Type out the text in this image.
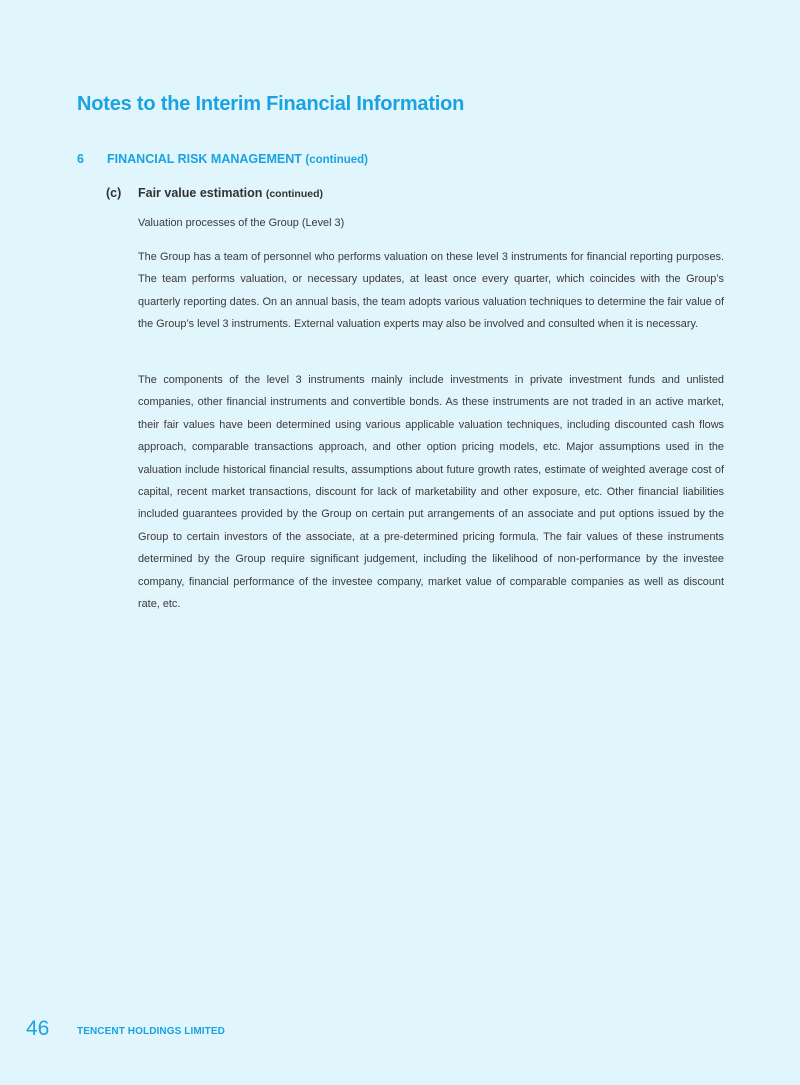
Notes to the Interim Financial Information
6 FINANCIAL RISK MANAGEMENT (continued)
(c) Fair value estimation (continued)

Valuation processes of the Group (Level 3)

The Group has a team of personnel who performs valuation on these level 3 instruments for financial reporting purposes. The team performs valuation, or necessary updates, at least once every quarter, which coincides with the Group’s quarterly reporting dates. On an annual basis, the team adopts various valuation techniques to determine the fair value of the Group’s level 3 instruments. External valuation experts may also be involved and consulted when it is necessary.

The components of the level 3 instruments mainly include investments in private investment funds and unlisted companies, other financial instruments and convertible bonds. As these instruments are not traded in an active market, their fair values have been determined using various applicable valuation techniques, including discounted cash flows approach, comparable transactions approach, and other option pricing models, etc. Major assumptions used in the valuation include historical financial results, assumptions about future growth rates, estimate of weighted average cost of capital, recent market transactions, discount for lack of marketability and other exposure, etc. Other financial liabilities included guarantees provided by the Group on certain put arrangements of an associate and put options issued by the Group to certain investors of the associate, at a pre-determined pricing formula. The fair values of these instruments determined by the Group require significant judgement, including the likelihood of non-performance by the investee company, financial performance of the investee company, market value of comparable companies as well as discount rate, etc.

46	TENCENT HOLDINGS LIMITED
